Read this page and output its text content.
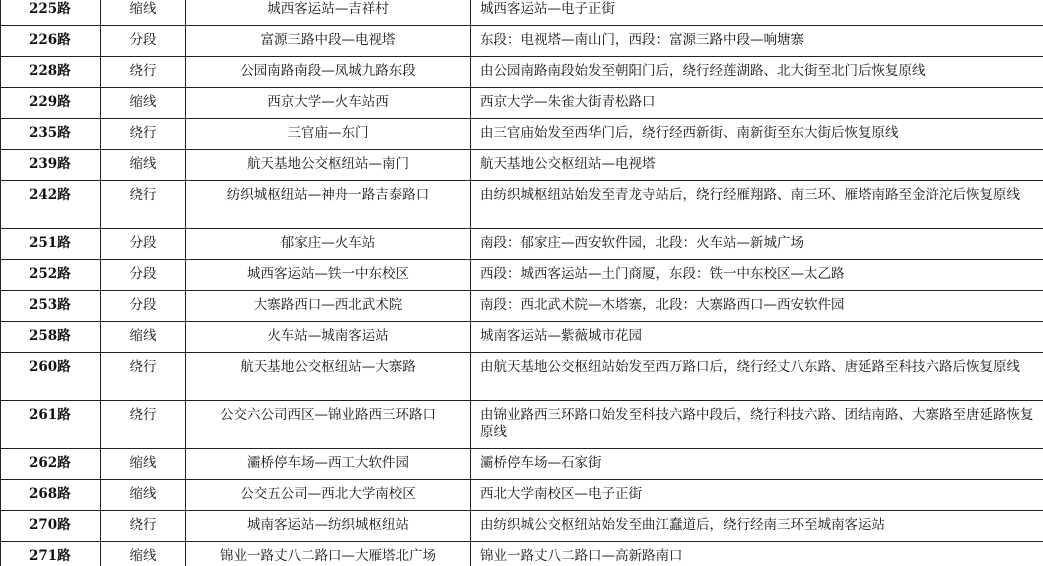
225路	缩线	城西客运站—吉祥村	城西客运站—电子正街
226路	分段	富源三路中段—电视塔	东段：电视塔—南山门，西段：富源三路中段—响塘寨
228路	绕行	公园南路南段—凤城九路东段	由公园南路南段始发至朝阳门后，绕行经莲湖路、北大街至北门后恢复原线
229路	缩线	西京大学—火车站西	西京大学—朱雀大街青松路口
235路	绕行	三官庙—东门	由三官庙始发至西华门后，绕行经西新街、南新街至东大街后恢复原线
239路	缩线	航天基地公交枢纽站—南门	航天基地公交枢纽站—电视塔
242路	绕行	纺织城枢纽站—神舟一路吉泰路口	由纺织城枢纽站始发至青龙寺站后，绕行经雁翔路、南三环、雁塔南路至金浒沱后恢复原线
251路	分段	郁家庄—火车站	南段：郁家庄—西安软件园，北段：火车站—新城广场
252路	分段	城西客运站—铁一中东校区	西段：城西客运站—土门商厦，东段：铁一中东校区—太乙路
253路	分段	大寨路西口—西北武术院	南段：西北武术院—木塔寨，北段：大寨路西口—西安软件园
258路	缩线	火车站—城南客运站	城南客运站—紫薇城市花园
260路	绕行	航天基地公交枢纽站—大寨路	由航天基地公交枢纽站始发至西万路口后，绕行经丈八东路、唐延路至科技六路后恢复原线
261路	绕行	公交六公司西区—锦业路西三环路口	由锦业路西三环路口始发至科技六路中段后，绕行科技六路、团结南路、大寨路至唐延路恢复原线
262路	缩线	灞桥停车场—西工大软件园	灞桥停车场—石家街
268路	缩线	公交五公司—西北大学南校区	西北大学南校区—电子正街
270路	绕行	城南客运站—纺织城枢纽站	由纺织城公交枢纽站始发至曲江蠢道后，绕行经南三环至城南客运站
271路	缩线	锦业一路丈八二路口—大雁塔北广场	锦业一路丈八二路口—高新路南口
